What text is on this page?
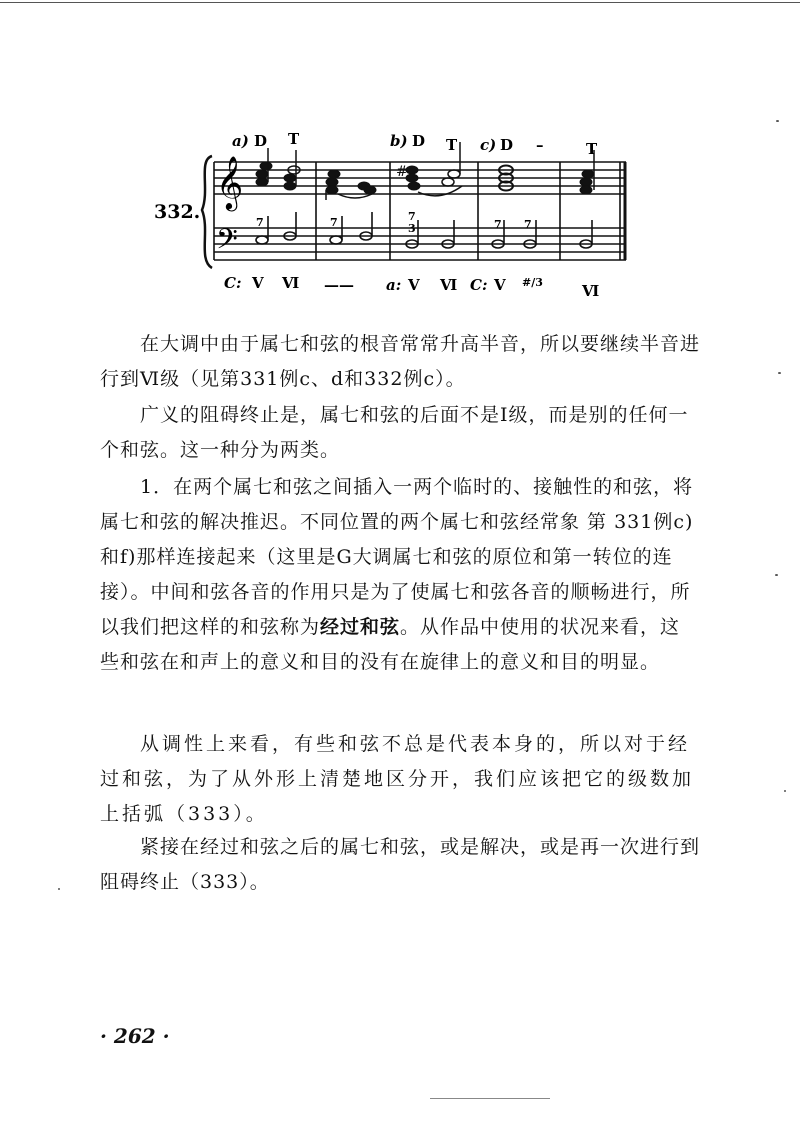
332.
𝄞
𝄢
#
a) D T	b) D T c) D –	T
7	7	7
3	7 7
C: V Ⅵ —— a: V Ⅵ C: V #/3	Ⅵ
在大调中由于属七和弦的根音常常升高半音，所以要继续半音进行到Ⅵ级（见第331例c、d和332例c）。
广义的阻碍终止是，属七和弦的后面不是Ⅰ级，而是别的任何一个和弦。这一种分为两类。
1．在两个属七和弦之间插入一两个临时的、接触性的和弦，将属七和弦的解决推迟。不同位置的两个属七和弦经常象 第 331例c)和f)那样连接起来（这里是G大调属七和弦的原位和第一转位的连接）。中间和弦各音的作用只是为了使属七和弦各音的顺畅进行，所以我们把这样的和弦称为经过和弦。从作品中使用的状况来看，这些和弦在和声上的意义和目的没有在旋律上的意义和目的明显。
从调性上来看，有些和弦不总是代表本身的，所以对于经过和弦，为了从外形上清楚地区分开，我们应该把它的级数加上括弧（333）。
紧接在经过和弦之后的属七和弦，或是解决，或是再一次进行到阻碍终止（333）。
· 262 ·
